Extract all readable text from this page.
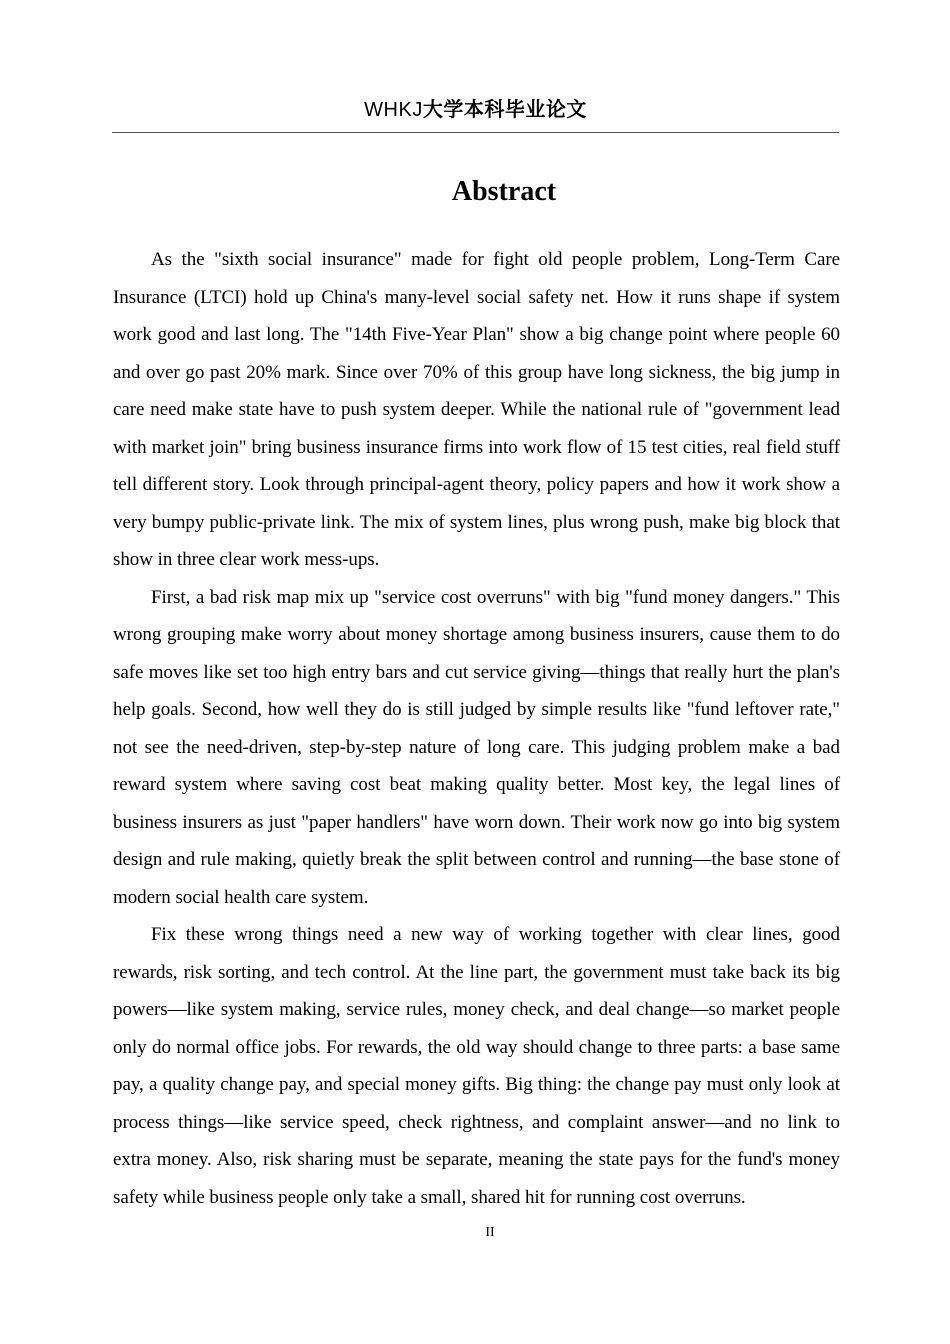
WHKJ大学本科毕业论文
Abstract

As the "sixth social insurance" made for fight old people problem, Long-Term Care Insurance (LTCI) hold up China's many-level social safety net. How it runs shape if system work good and last long. The "14th Five-Year Plan" show a big change point where people 60 and over go past 20% mark. Since over 70% of this group have long sickness, the big jump in care need make state have to push system deeper. While the national rule of "government lead with market join" bring business insurance firms into work flow of 15 test cities, real field stuff tell different story. Look through principal-agent theory, policy papers and how it work show a very bumpy public-private link. The mix of system lines, plus wrong push, make big block that show in three clear work mess-ups.

First, a bad risk map mix up "service cost overruns" with big "fund money dangers." This wrong grouping make worry about money shortage among business insurers, cause them to do safe moves like set too high entry bars and cut service giving—things that really hurt the plan's help goals. Second, how well they do is still judged by simple results like "fund leftover rate," not see the need-driven, step-by-step nature of long care. This judging problem make a bad reward system where saving cost beat making quality better. Most key, the legal lines of business insurers as just "paper handlers" have worn down. Their work now go into big system design and rule making, quietly break the split between control and running—the base stone of modern social health care system.

Fix these wrong things need a new way of working together with clear lines, good rewards, risk sorting, and tech control. At the line part, the government must take back its big powers—like system making, service rules, money check, and deal change—so market people only do normal office jobs. For rewards, the old way should change to three parts: a base same pay, a quality change pay, and special money gifts. Big thing: the change pay must only look at process things—like service speed, check rightness, and complaint answer—and no link to extra money. Also, risk sharing must be separate, meaning the state pays for the fund's money safety while business people only take a small, shared hit for running cost overruns.

II
